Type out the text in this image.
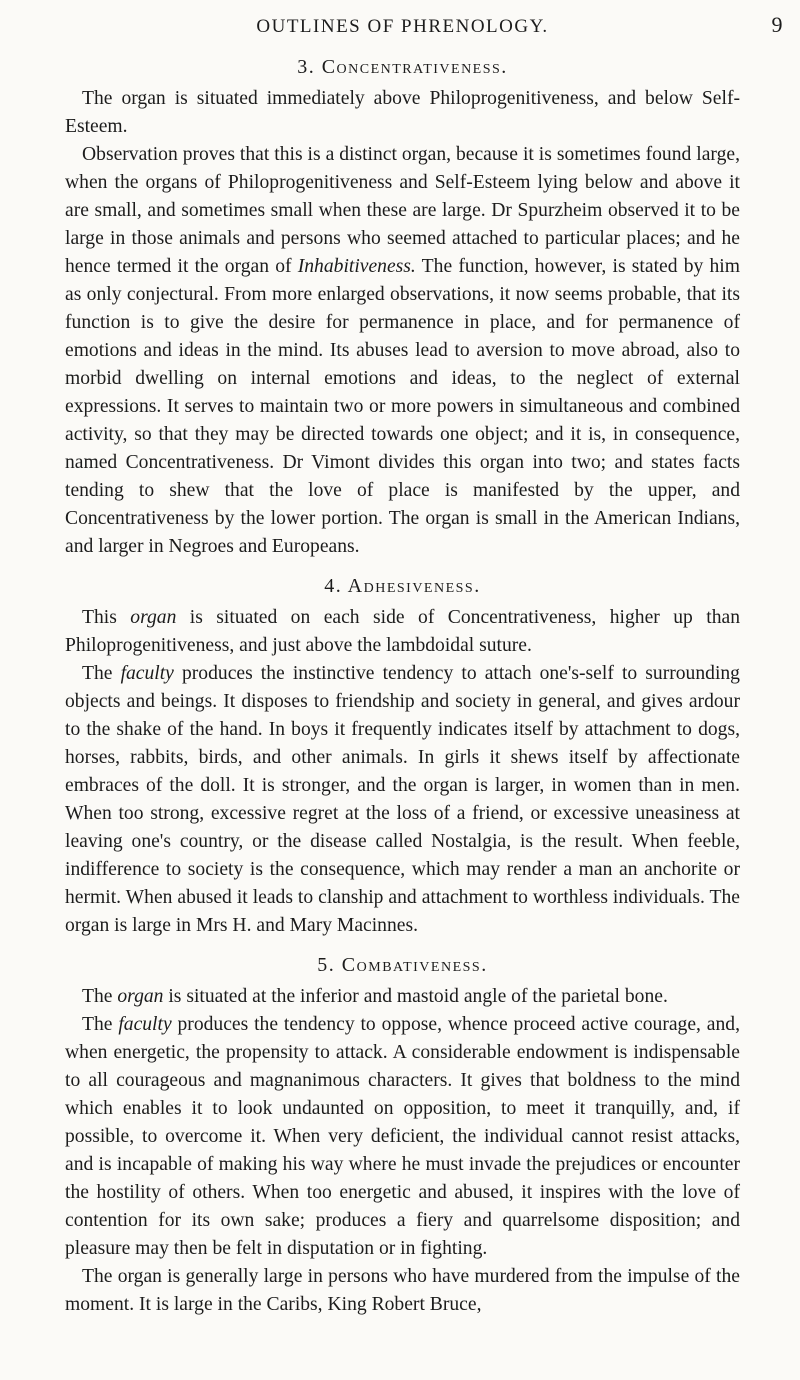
OUTLINES OF PHRENOLOGY.	9
3. Concentrativeness.

The organ is situated immediately above Philoprogenitiveness, and below Self-Esteem.

Observation proves that this is a distinct organ, because it is sometimes found large, when the organs of Philoprogenitiveness and Self-Esteem lying below and above it are small, and sometimes small when these are large. Dr Spurzheim observed it to be large in those animals and persons who seemed attached to particular places; and he hence termed it the organ of Inhabitiveness. The function, however, is stated by him as only conjectural. From more enlarged observations, it now seems probable, that its function is to give the desire for permanence in place, and for permanence of emotions and ideas in the mind. Its abuses lead to aversion to move abroad, also to morbid dwelling on internal emotions and ideas, to the neglect of external expressions. It serves to maintain two or more powers in simultaneous and combined activity, so that they may be directed towards one object; and it is, in consequence, named Concentrativeness. Dr Vimont divides this organ into two; and states facts tending to shew that the love of place is manifested by the upper, and Concentrativeness by the lower portion. The organ is small in the American Indians, and larger in Negroes and Europeans.

4. Adhesiveness.

This organ is situated on each side of Concentrativeness, higher up than Philoprogenitiveness, and just above the lambdoidal suture.

The faculty produces the instinctive tendency to attach one's-self to surrounding objects and beings. It disposes to friendship and society in general, and gives ardour to the shake of the hand. In boys it frequently indicates itself by attachment to dogs, horses, rabbits, birds, and other animals. In girls it shews itself by affectionate embraces of the doll. It is stronger, and the organ is larger, in women than in men. When too strong, excessive regret at the loss of a friend, or excessive uneasiness at leaving one's country, or the disease called Nostalgia, is the result. When feeble, indifference to society is the consequence, which may render a man an anchorite or hermit. When abused it leads to clanship and attachment to worthless individuals. The organ is large in Mrs H. and Mary Macinnes.

5. Combativeness.

The organ is situated at the inferior and mastoid angle of the parietal bone.

The faculty produces the tendency to oppose, whence proceed active courage, and, when energetic, the propensity to attack. A considerable endowment is indispensable to all courageous and magnanimous characters. It gives that boldness to the mind which enables it to look undaunted on opposition, to meet it tranquilly, and, if possible, to overcome it. When very deficient, the individual cannot resist attacks, and is incapable of making his way where he must invade the prejudices or encounter the hostility of others. When too energetic and abused, it inspires with the love of contention for its own sake; produces a fiery and quarrelsome disposition; and pleasure may then be felt in disputation or in fighting.

The organ is generally large in persons who have murdered from the impulse of the moment. It is large in the Caribs, King Robert Bruce,
